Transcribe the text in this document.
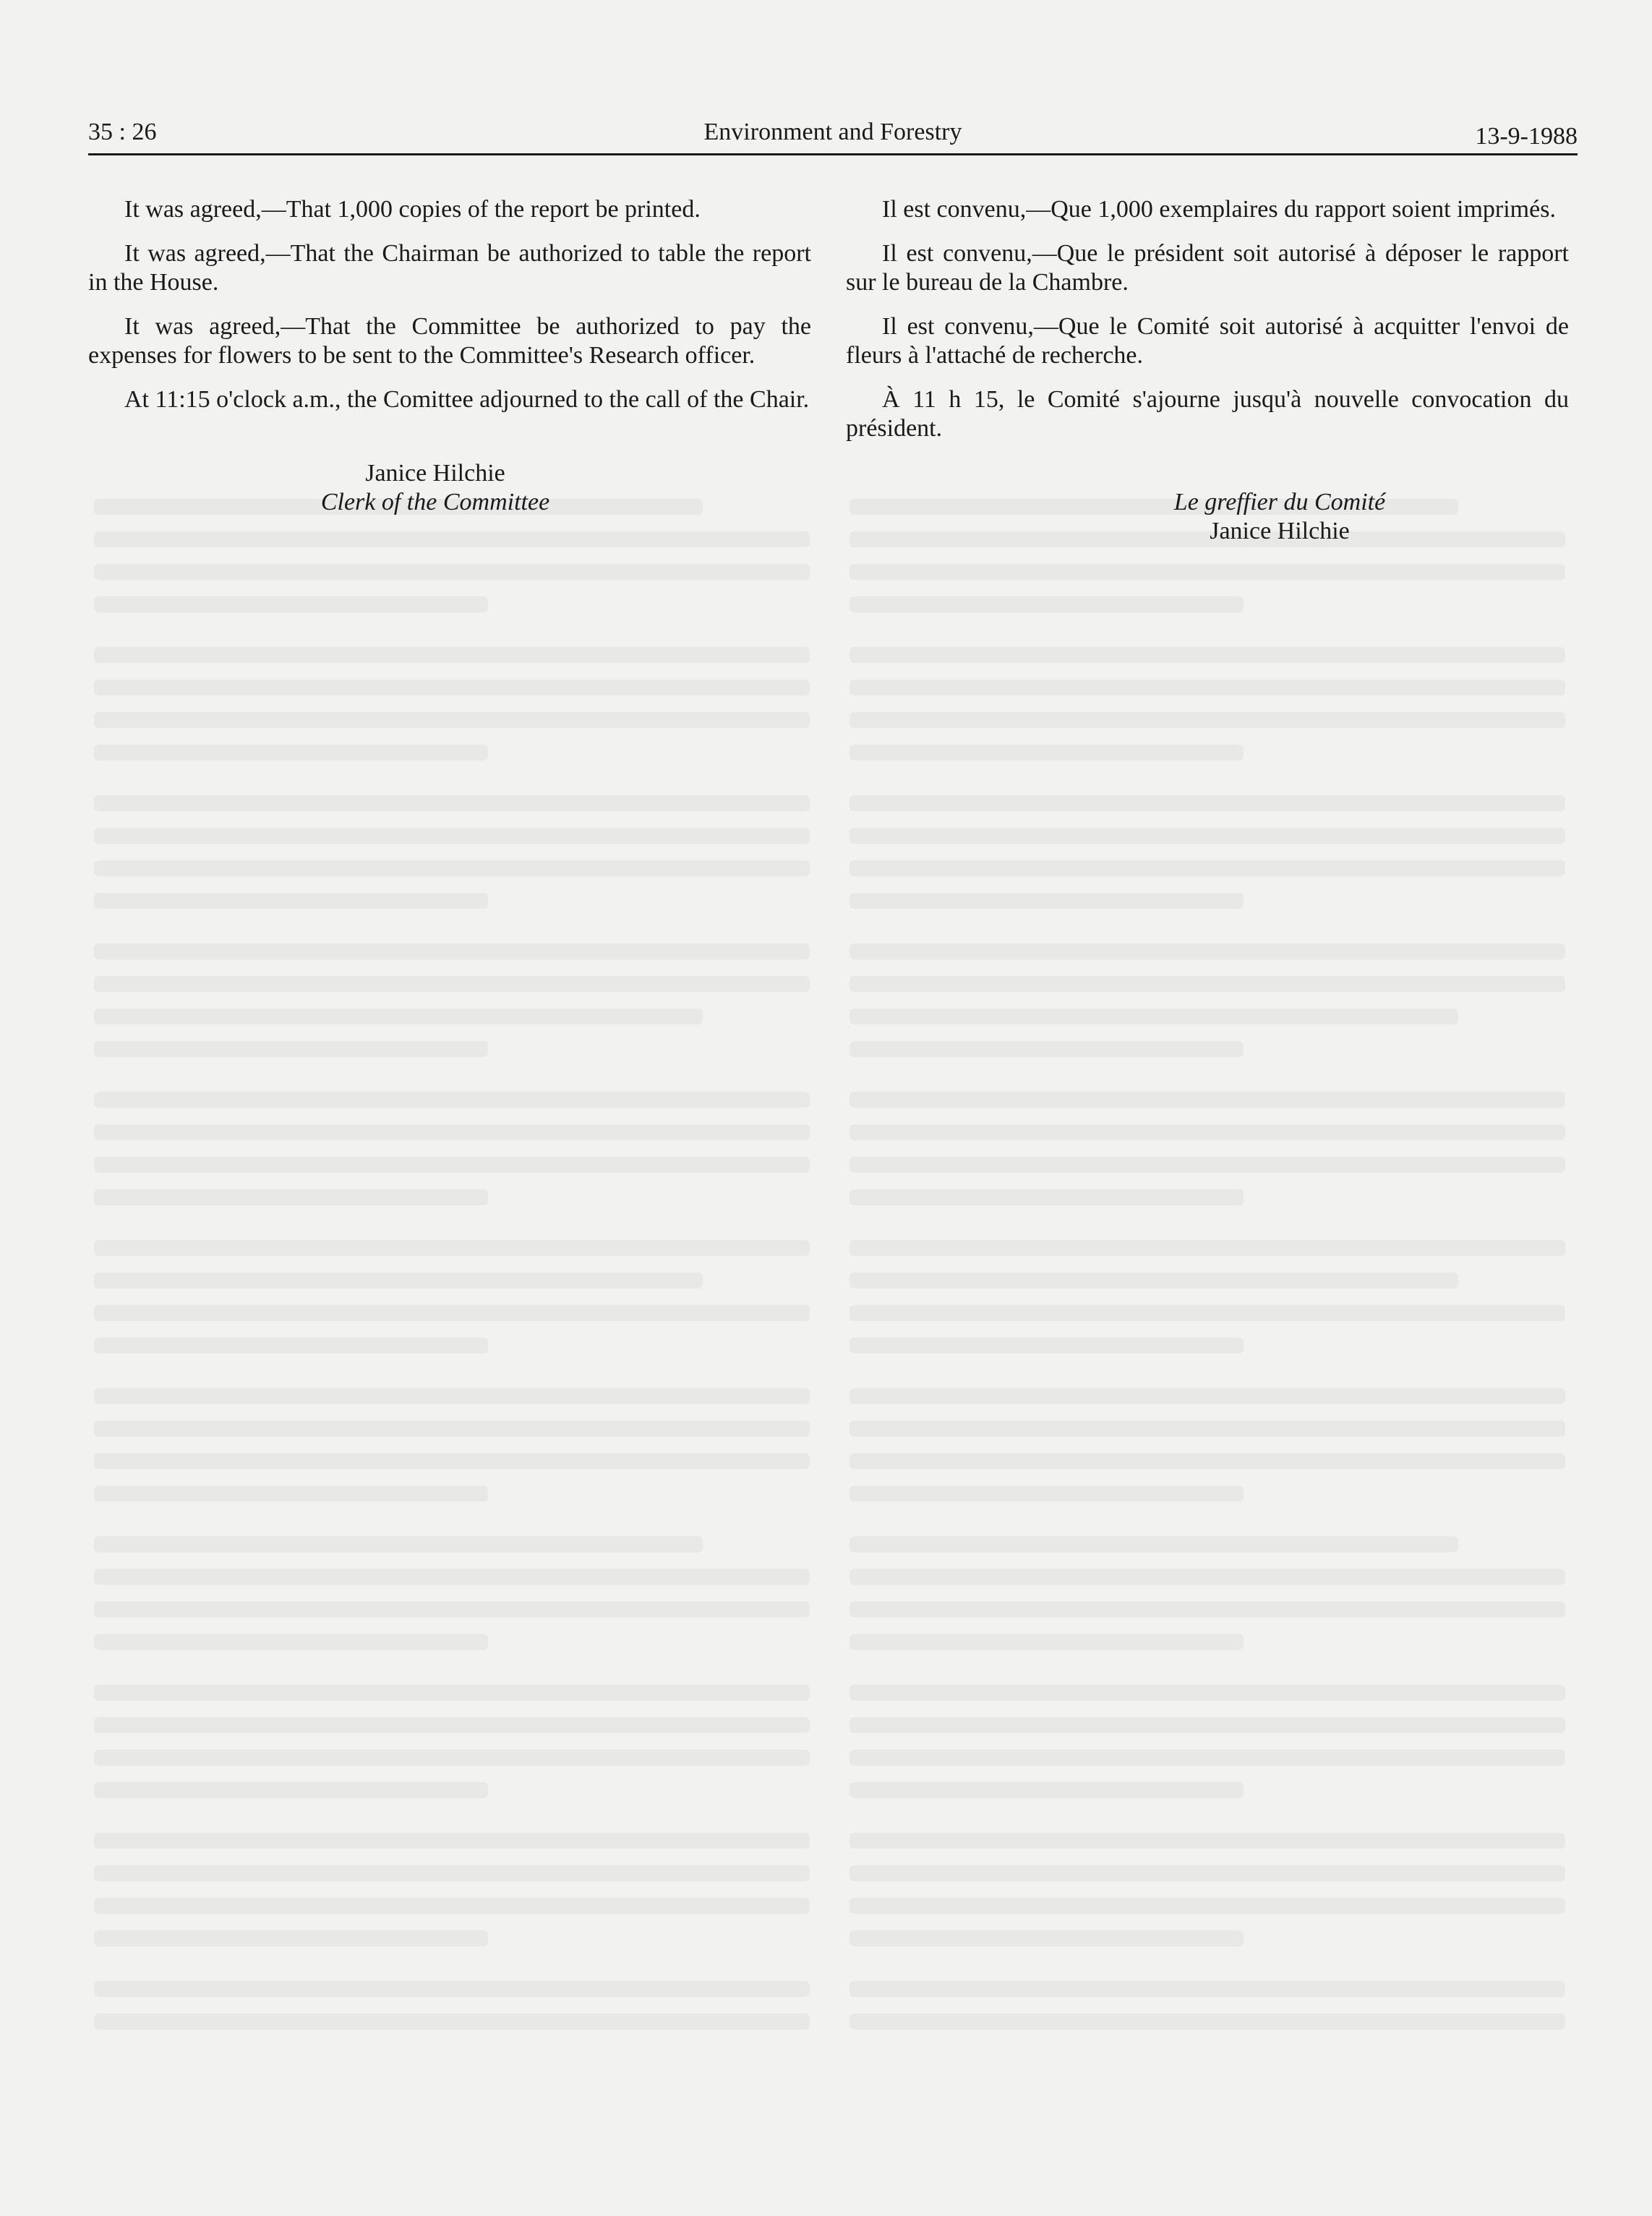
35 : 26	Environment and Forestry	13-9-1988

It was agreed,—That 1,000 copies of the report be printed.

It was agreed,—That the Chairman be authorized to table the report in the House.

It was agreed,—That the Committee be authorized to pay the expenses for flowers to be sent to the Committee's Research officer.

At 11:15 o'clock a.m., the Comittee adjourned to the call of the Chair.

Janice Hilchie

Clerk of the Committee

Il est convenu,—Que 1,000 exemplaires du rapport soient imprimés.

Il est convenu,—Que le président soit autorisé à déposer le rapport sur le bureau de la Chambre.

Il est convenu,—Que le Comité soit autorisé à acquitter l'envoi de fleurs à l'attaché de recherche.

À 11 h 15, le Comité s'ajourne jusqu'à nouvelle convocation du président.

Le greffier du Comité

Janice Hilchie
